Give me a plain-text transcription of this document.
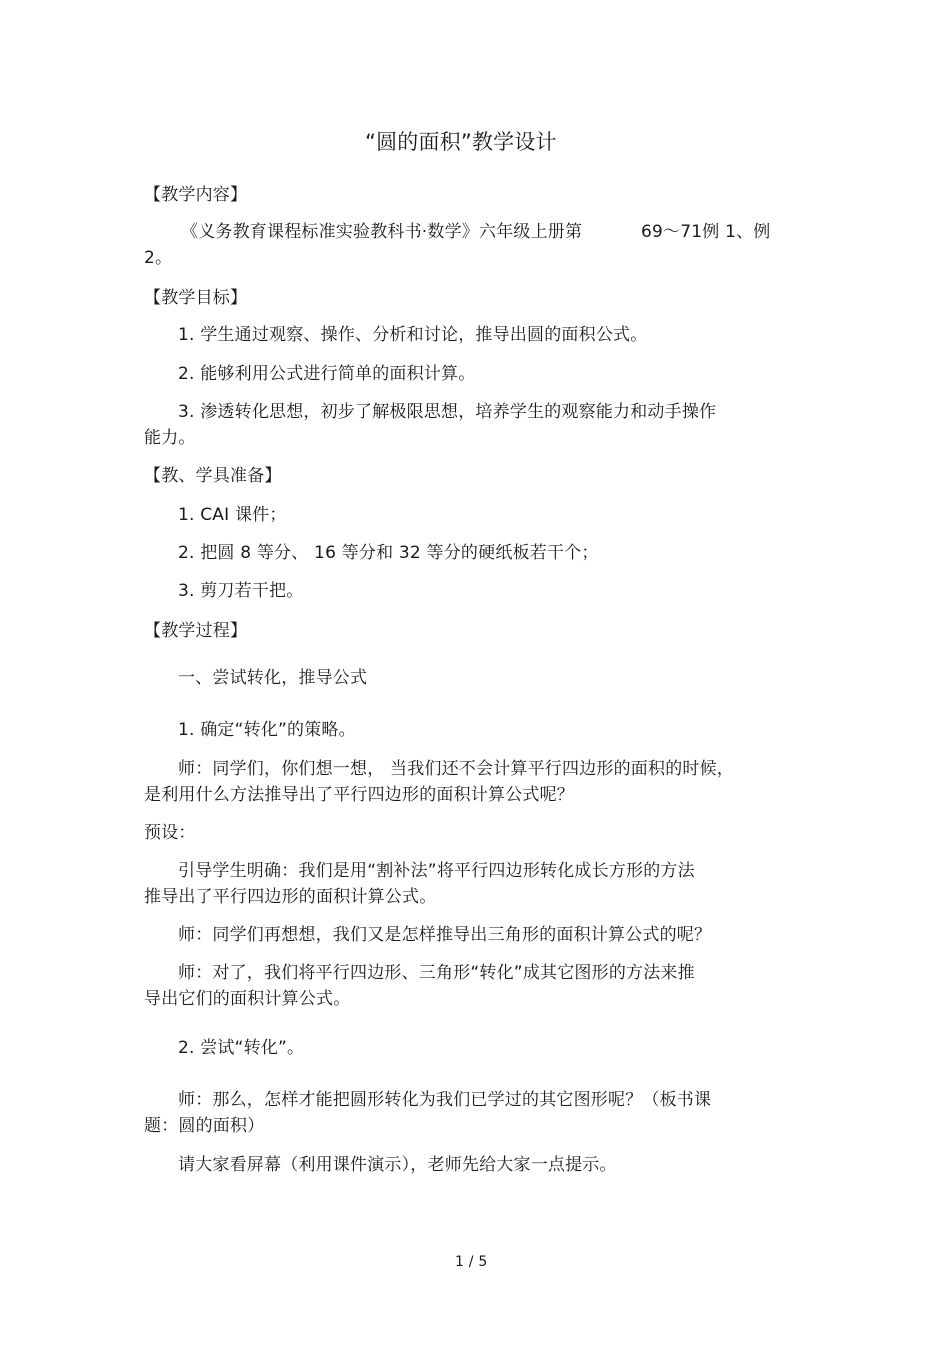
“圆的面积”教学设计
【教学内容】
《义务教育课程标准实验教科书·数学》六年级上册第	69～71例 1、例
2。
【教学目标】
1. 学生通过观察、操作、分析和讨论，推导出圆的面积公式。
2. 能够利用公式进行简单的面积计算。
3. 渗透转化思想，初步了解极限思想，培养学生的观察能力和动手操作
能力。
【教、学具准备】
1. CAI 课件；
2. 把圆 8 等分、 16 等分和 32 等分的硬纸板若干个；
3. 剪刀若干把。
【教学过程】
一、尝试转化，推导公式
1. 确定“转化”的策略。
师：同学们，你们想一想， 当我们还不会计算平行四边形的面积的时候，
是利用什么方法推导出了平行四边形的面积计算公式呢？
预设：
引导学生明确：我们是用“割补法”将平行四边形转化成长方形的方法
推导出了平行四边形的面积计算公式。
师：同学们再想想，我们又是怎样推导出三角形的面积计算公式的呢？
师：对了，我们将平行四边形、三角形“转化”成其它图形的方法来推
导出它们的面积计算公式。
2. 尝试“转化”。
师：那么，怎样才能把圆形转化为我们已学过的其它图形呢？（板书课
题：圆的面积）
请大家看屏幕（利用课件演示），老师先给大家一点提示。
1 / 5
